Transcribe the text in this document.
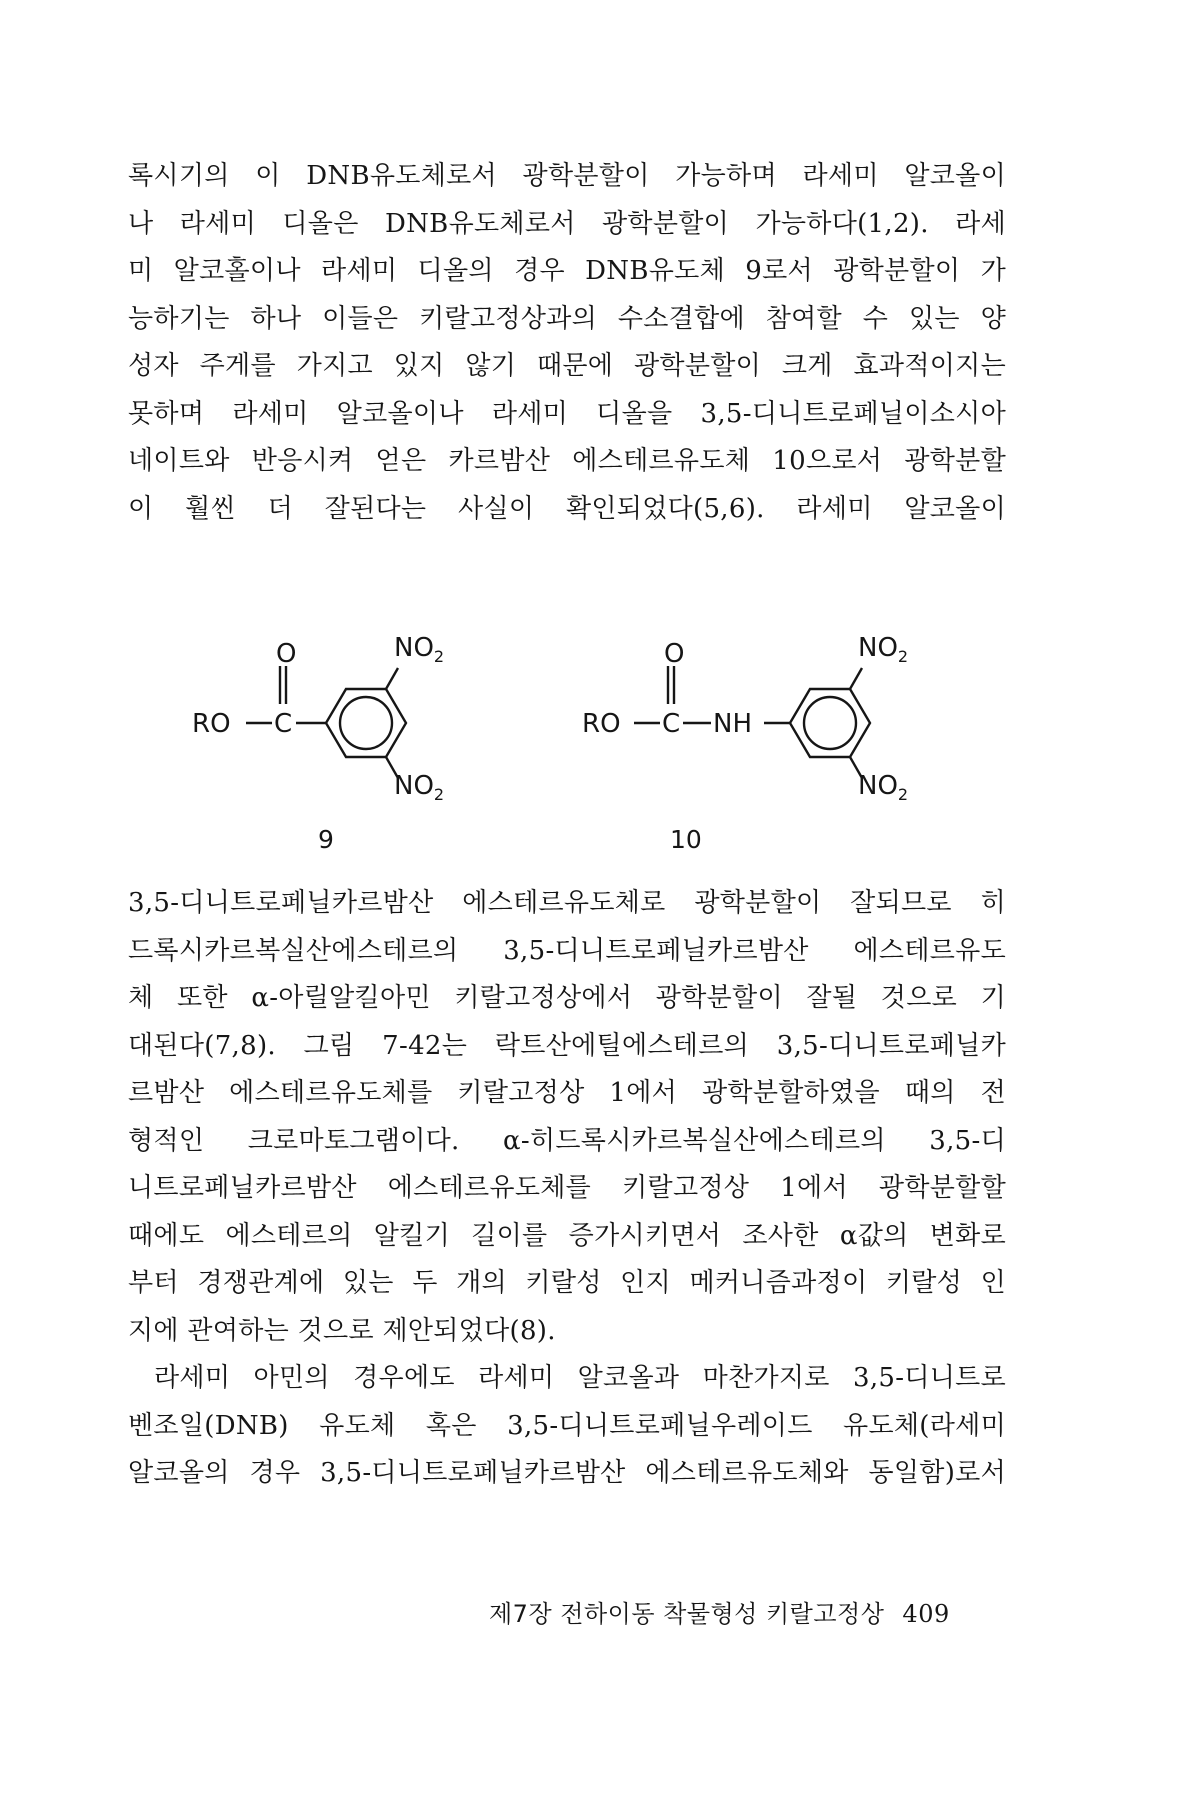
록시기의 이 DNB유도체로서 광학분할이 가능하며 라세미 알코올이
나 라세미 디올은 DNB유도체로서 광학분할이 가능하다(1,2). 라세
미 알코홀이나 라세미 디올의 경우 DNB유도체 9로서 광학분할이 가
능하기는 하나 이들은 키랄고정상과의 수소결합에 참여할 수 있는 양
성자 주게를 가지고 있지 않기 때문에 광학분할이 크게 효과적이지는
못하며 라세미 알코올이나 라세미 디올을 3,5-디니트로페닐이소시아
네이트와 반응시켜 얻은 카르밤산 에스테르유도체 10으로서 광학분할
이 훨씬 더 잘된다는 사실이 확인되었다(5,6). 라세미 알코올이
O
RO C
$NO_2$
$NO_2$
9
O
RO C NH
$NO_2$
$NO_2$
10
3,5-디니트로페닐카르밤산 에스테르유도체로 광학분할이 잘되므로 히
드록시카르복실산에스테르의 3,5-디니트로페닐카르밤산 에스테르유도
체 또한 α-아릴알킬아민 키랄고정상에서 광학분할이 잘될 것으로 기
대된다(7,8). 그림 7-42는 락트산에틸에스테르의 3,5-디니트로페닐카
르밤산 에스테르유도체를 키랄고정상 1에서 광학분할하였을 때의 전
형적인 크로마토그램이다. α-히드록시카르복실산에스테르의 3,5-디
니트로페닐카르밤산 에스테르유도체를 키랄고정상 1에서 광학분할할
때에도 에스테르의 알킬기 길이를 증가시키면서 조사한 α값의 변화로
부터 경쟁관계에 있는 두 개의 키랄성 인지 메커니즘과정이 키랄성 인
지에 관여하는 것으로 제안되었다(8).
라세미 아민의 경우에도 라세미 알코올과 마찬가지로 3,5-디니트로
벤조일(DNB) 유도체 혹은 3,5-디니트로페닐우레이드 유도체(라세미
알코올의 경우 3,5-디니트로페닐카르밤산 에스테르유도체와 동일함)로서
제7장 전하이동 착물형성 키랄고정상 409
